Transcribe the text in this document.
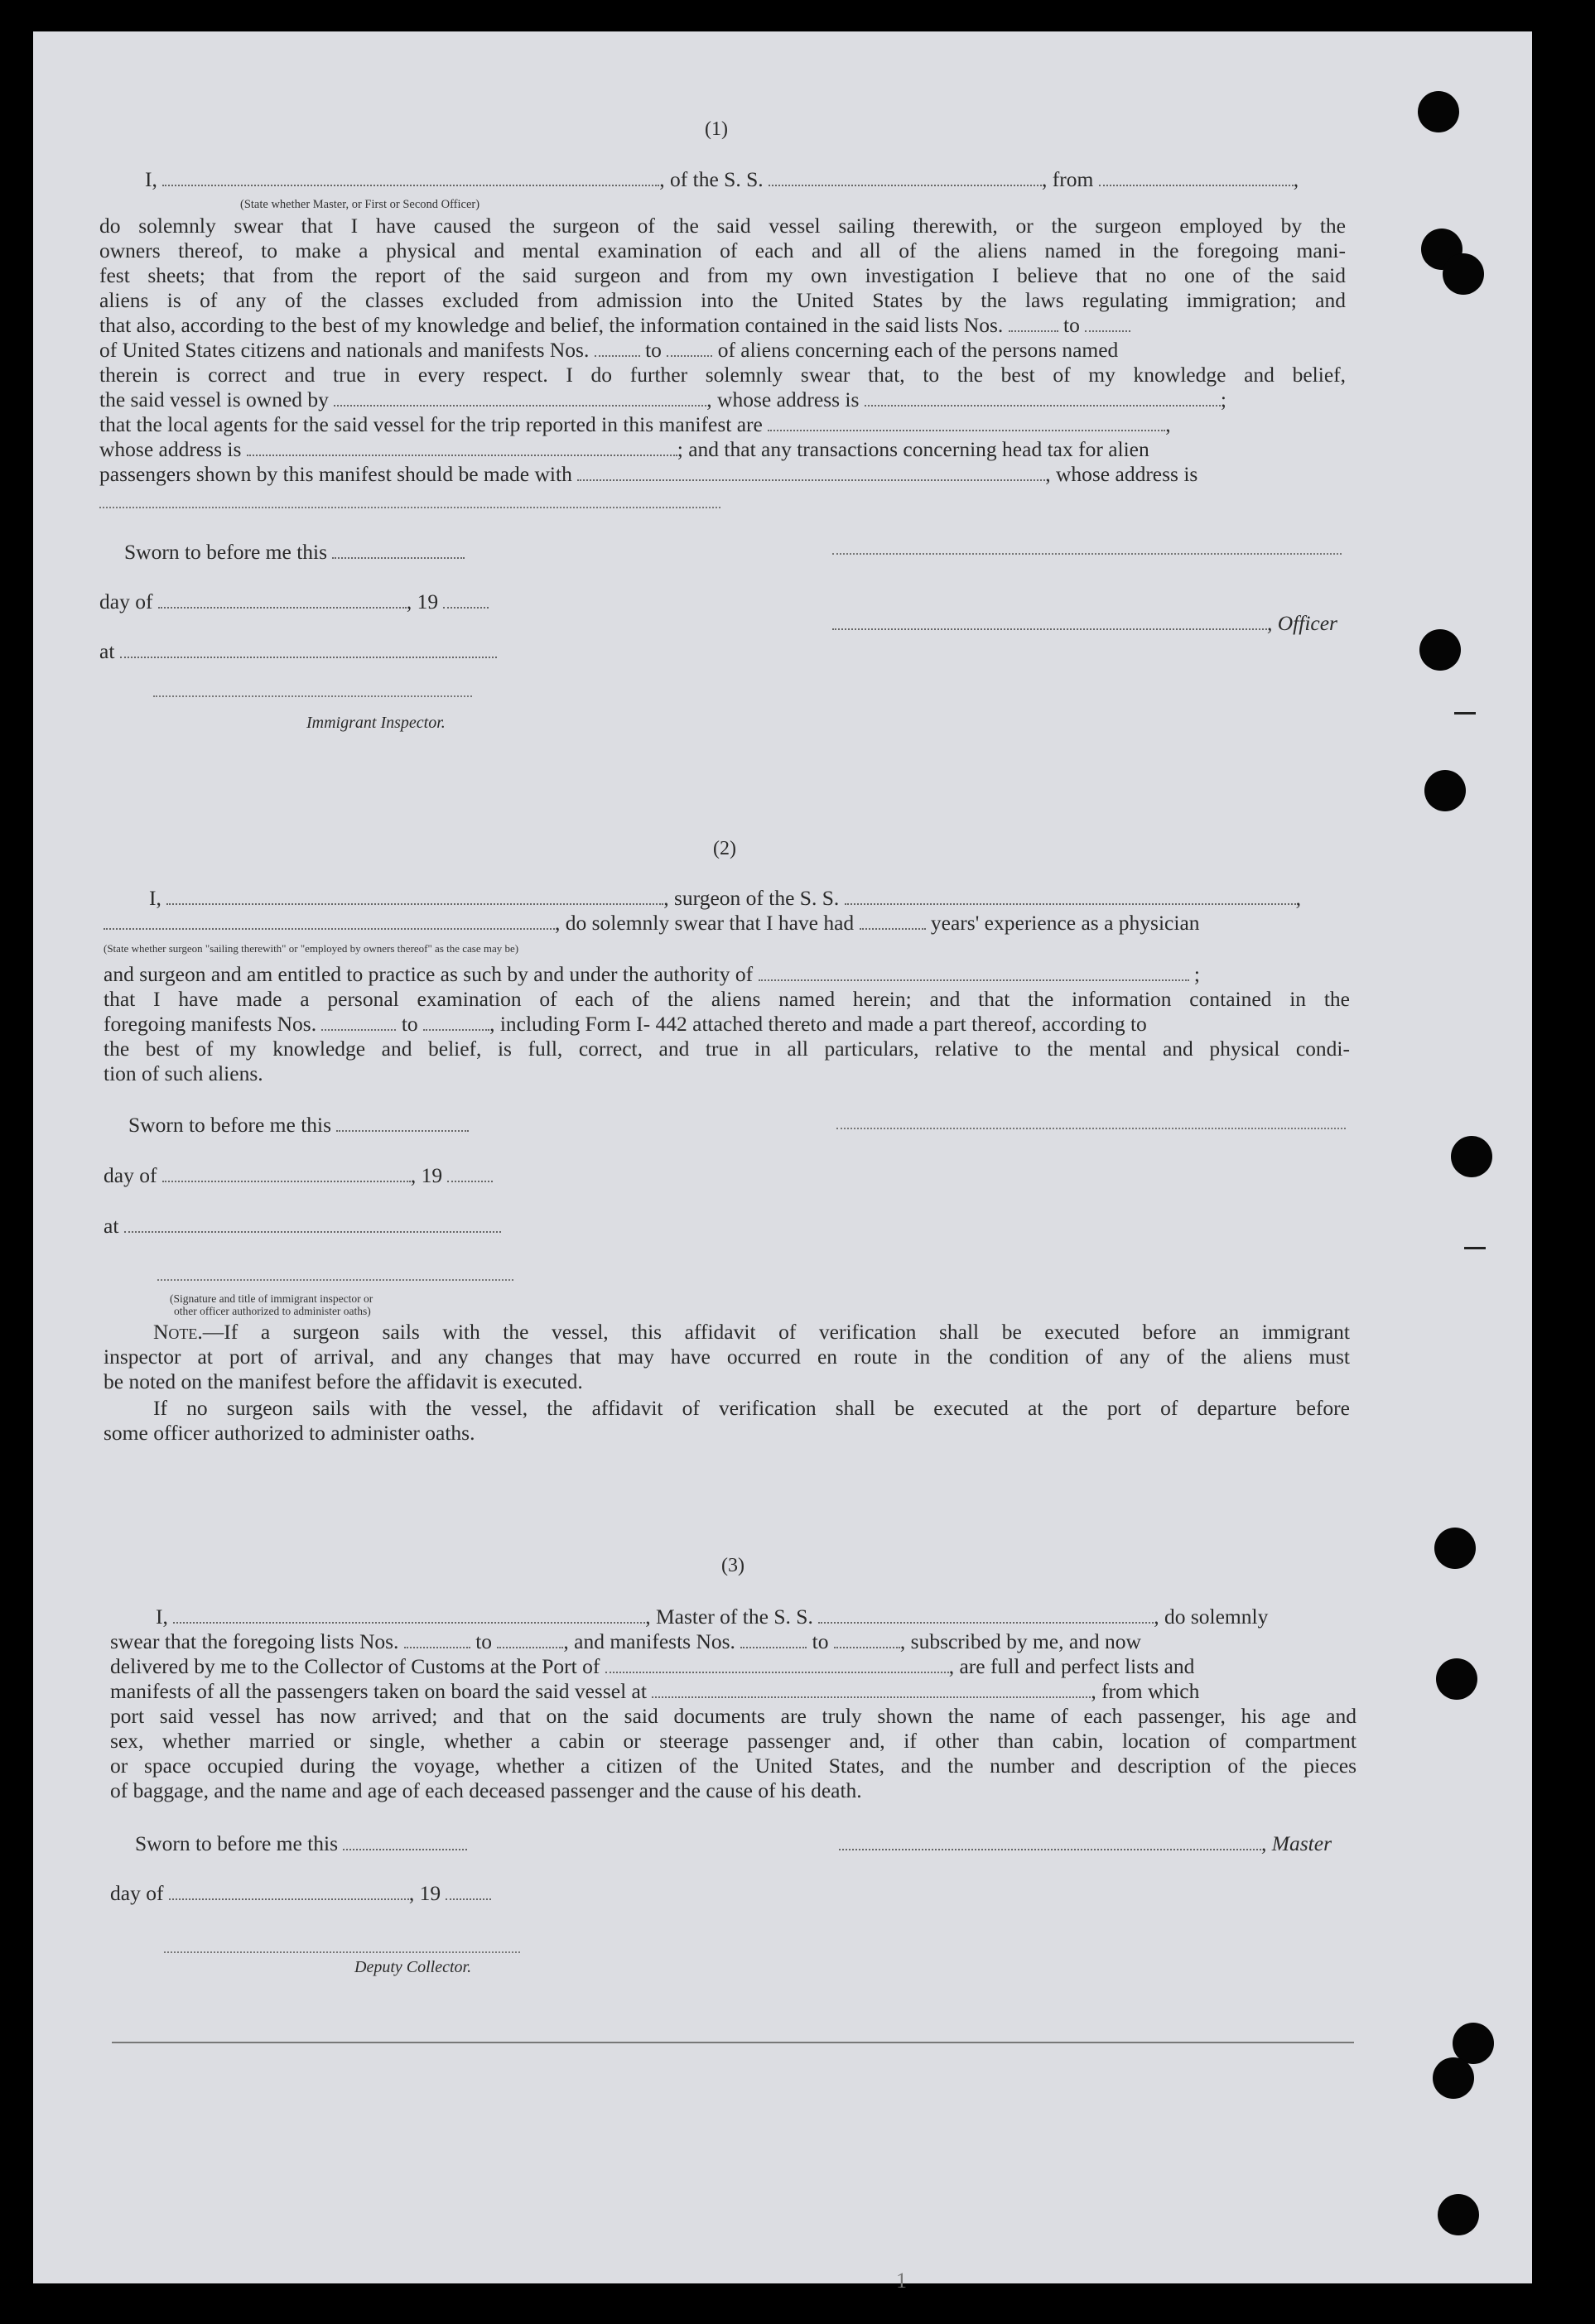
(1)
I,	, of the S. S.	, from	,
(State whether Master, or First or Second Officer)
do solemnly swear that I have caused the surgeon of the said vessel sailing therewith, or the surgeon employed by the
owners thereof, to make a physical and mental examination of each and all of the aliens named in the foregoing mani-
fest sheets; that from the report of the said surgeon and from my own investigation I believe that no one of the said
aliens is of any of the classes excluded from admission into the United States by the laws regulating immigration; and
that also, according to the best of my knowledge and belief, the information contained in the said lists Nos.	to
of United States citizens and nationals and manifests Nos.	to	of aliens concerning each of the persons named
therein is correct and true in every respect. I do further solemnly swear that, to the best of my knowledge and belief,
the said vessel is owned by	, whose address is	;
that the local agents for the said vessel for the trip reported in this manifest are	,
whose address is	; and that any transactions concerning head tax for alien
passengers shown by this manifest should be made with	, whose address is
Sworn to before me this
day of	, 19
, Officer
at
Immigrant Inspector.
(2)
I,	, surgeon of the S. S.	,
, do solemnly swear that I have had	years' experience as a physician
(State whether surgeon "sailing therewith" or "employed by owners thereof" as the case may be)
and surgeon and am entitled to practice as such by and under the authority of	;
that I have made a personal examination of each of the aliens named herein; and that the information contained in the
foregoing manifests Nos.	to	, including Form I- 442 attached thereto and made a part thereof, according to
the best of my knowledge and belief, is full, correct, and true in all particulars, relative to the mental and physical condi-
tion of such aliens.
Sworn to before me this
day of	, 19
at
(Signature and title of immigrant inspector or
other officer authorized to administer oaths)
Note.—If a surgeon sails with the vessel, this affidavit of verification shall be executed before an immigrant
inspector at port of arrival, and any changes that may have occurred en route in the condition of any of the aliens must
be noted on the manifest before the affidavit is executed.
If no surgeon sails with the vessel, the affidavit of verification shall be executed at the port of departure before
some officer authorized to administer oaths.
(3)
I,	, Master of the S. S.	, do solemnly
swear that the foregoing lists Nos.	to	, and manifests Nos.	to	, subscribed by me, and now
delivered by me to the Collector of Customs at the Port of	, are full and perfect lists and
manifests of all the passengers taken on board the said vessel at	, from which
port said vessel has now arrived; and that on the said documents are truly shown the name of each passenger, his age and
sex, whether married or single, whether a cabin or steerage passenger and, if other than cabin, location of compartment
or space occupied during the voyage, whether a citizen of the United States, and the number and description of the pieces
of baggage, and the name and age of each deceased passenger and the cause of his death.
Sworn to before me this	, Master
day of	, 19
Deputy Collector.
1
